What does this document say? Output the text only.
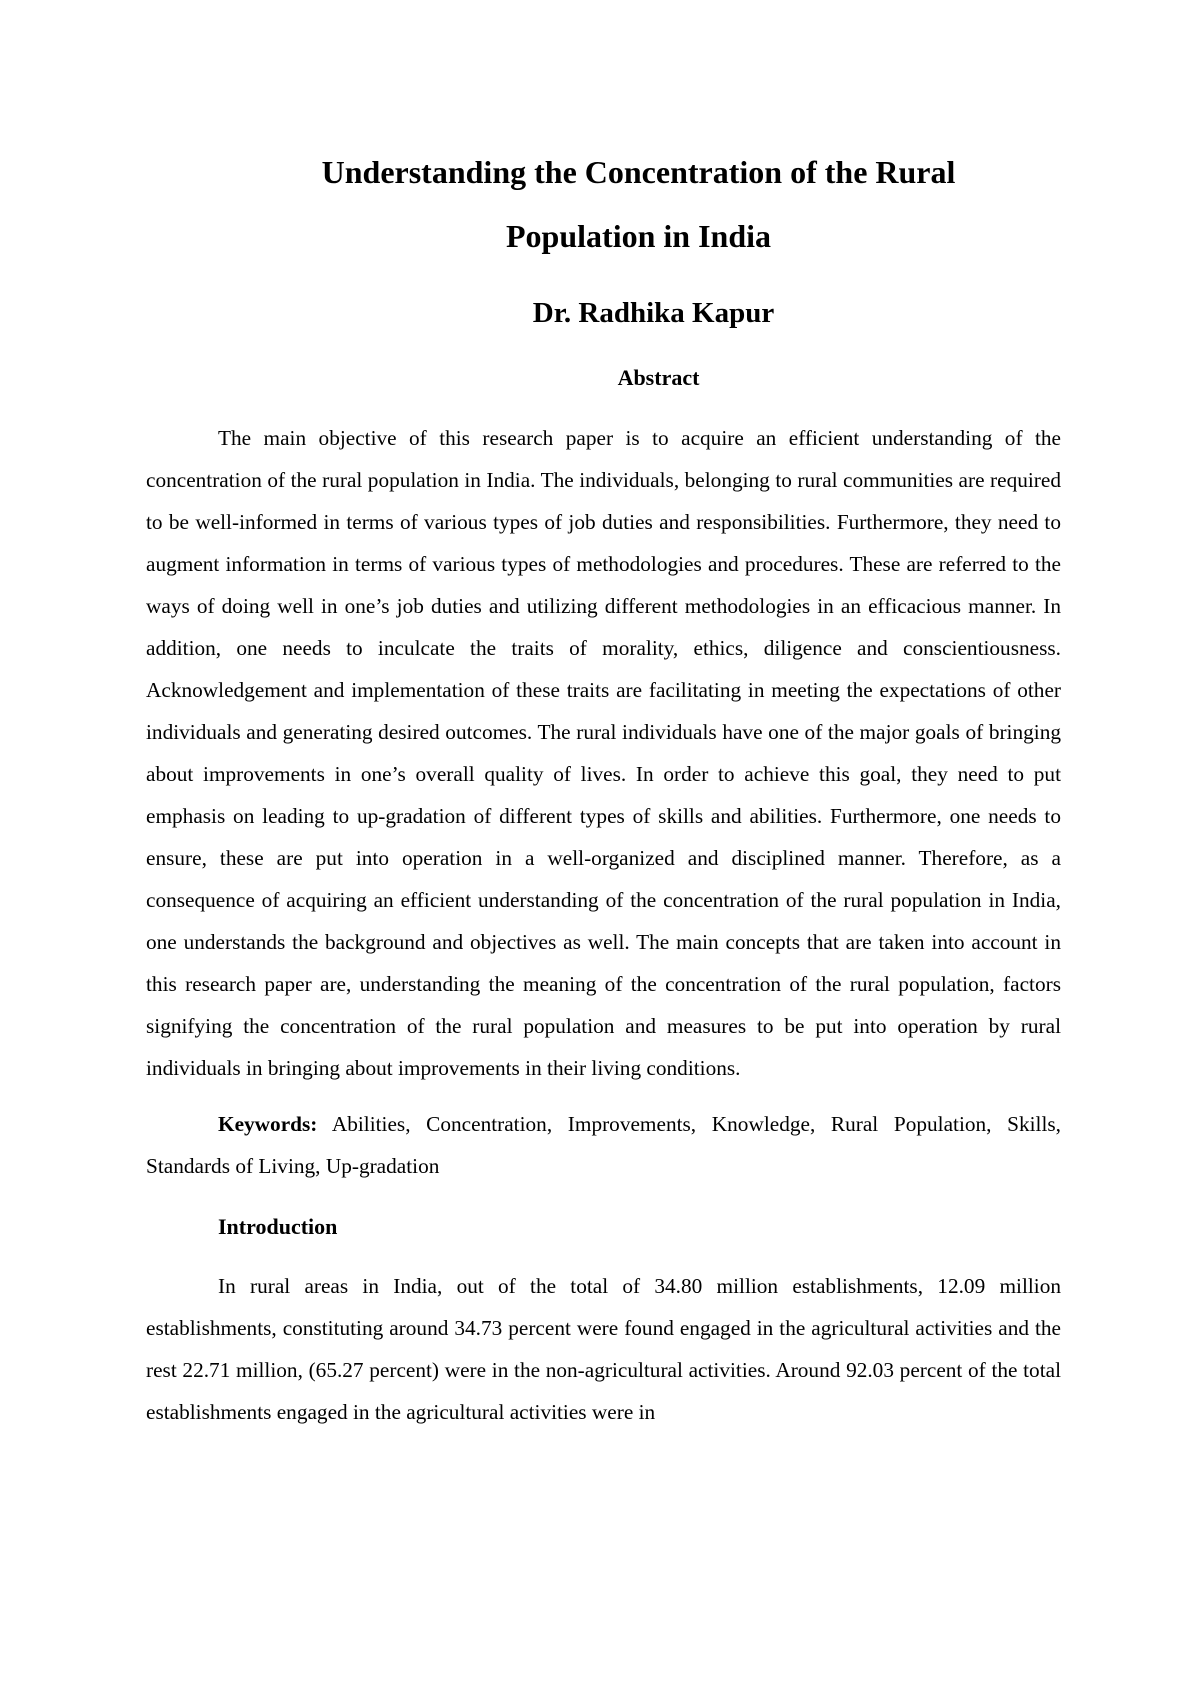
Understanding the Concentration of the Rural Population in India
Dr. Radhika Kapur
Abstract

The main objective of this research paper is to acquire an efficient understanding of the concentration of the rural population in India. The individuals, belonging to rural communities are required to be well-informed in terms of various types of job duties and responsibilities. Furthermore, they need to augment information in terms of various types of methodologies and procedures. These are referred to the ways of doing well in one’s job duties and utilizing different methodologies in an efficacious manner. In addition, one needs to inculcate the traits of morality, ethics, diligence and conscientiousness. Acknowledgement and implementation of these traits are facilitating in meeting the expectations of other individuals and generating desired outcomes. The rural individuals have one of the major goals of bringing about improvements in one’s overall quality of lives. In order to achieve this goal, they need to put emphasis on leading to up-gradation of different types of skills and abilities. Furthermore, one needs to ensure, these are put into operation in a well-organized and disciplined manner. Therefore, as a consequence of acquiring an efficient understanding of the concentration of the rural population in India, one understands the background and objectives as well. The main concepts that are taken into account in this research paper are, understanding the meaning of the concentration of the rural population, factors signifying the concentration of the rural population and measures to be put into operation by rural individuals in bringing about improvements in their living conditions.

Keywords: Abilities, Concentration, Improvements, Knowledge, Rural Population, Skills, Standards of Living, Up-gradation

Introduction

In rural areas in India, out of the total of 34.80 million establishments, 12.09 million establishments, constituting around 34.73 percent were found engaged in the agricultural activities and the rest 22.71 million, (65.27 percent) were in the non-agricultural activities. Around 92.03 percent of the total establishments engaged in the agricultural activities were in
